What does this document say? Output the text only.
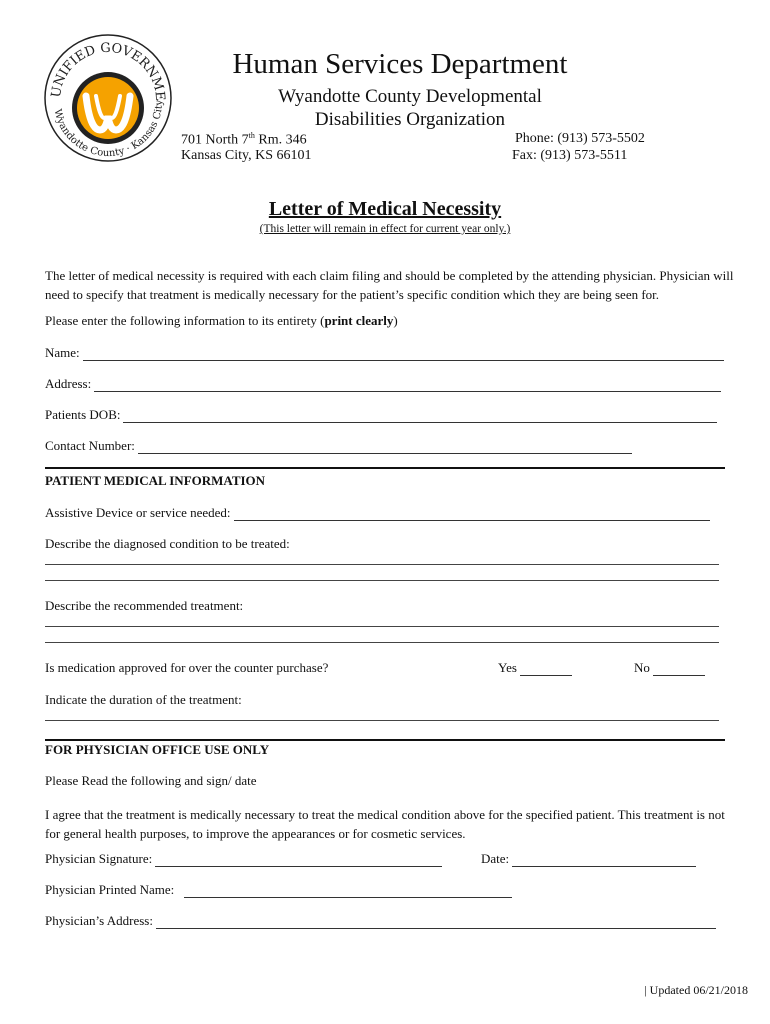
UNIFIED GOVERNME
Wyandotte County · Kansas City
Human Services Department
Wyandotte County Developmental
Disabilities Organization
701 North 7th Rm. 346
Kansas City, KS 66101
Phone: (913) 573-5502
Fax: (913) 573-5511
Letter of Medical Necessity
(This letter will remain in effect for current year only.)
The letter of medical necessity is required with each claim filing and should be completed by the attending physician. Physician will need to specify that treatment is medically necessary for the patient’s specific condition which they are being seen for.
Please enter the following information to its entirety (print clearly)
Name:
Address:
Patients DOB:
Contact Number:
PATIENT MEDICAL INFORMATION
Assistive Device or service needed:
Describe the diagnosed condition to be treated:
Describe the recommended treatment:
Is medication approved for over the counter purchase?	Yes	No
Indicate the duration of the treatment:
FOR PHYSICIAN OFFICE USE ONLY
Please Read the following and sign/ date
I agree that the treatment is medically necessary to treat the medical condition above for the specified patient. This treatment is not for general health purposes, to improve the appearances or for cosmetic services.
Physician Signature:	Date:
Physician Printed Name:
Physician’s Address:
| Updated 06/21/2018
